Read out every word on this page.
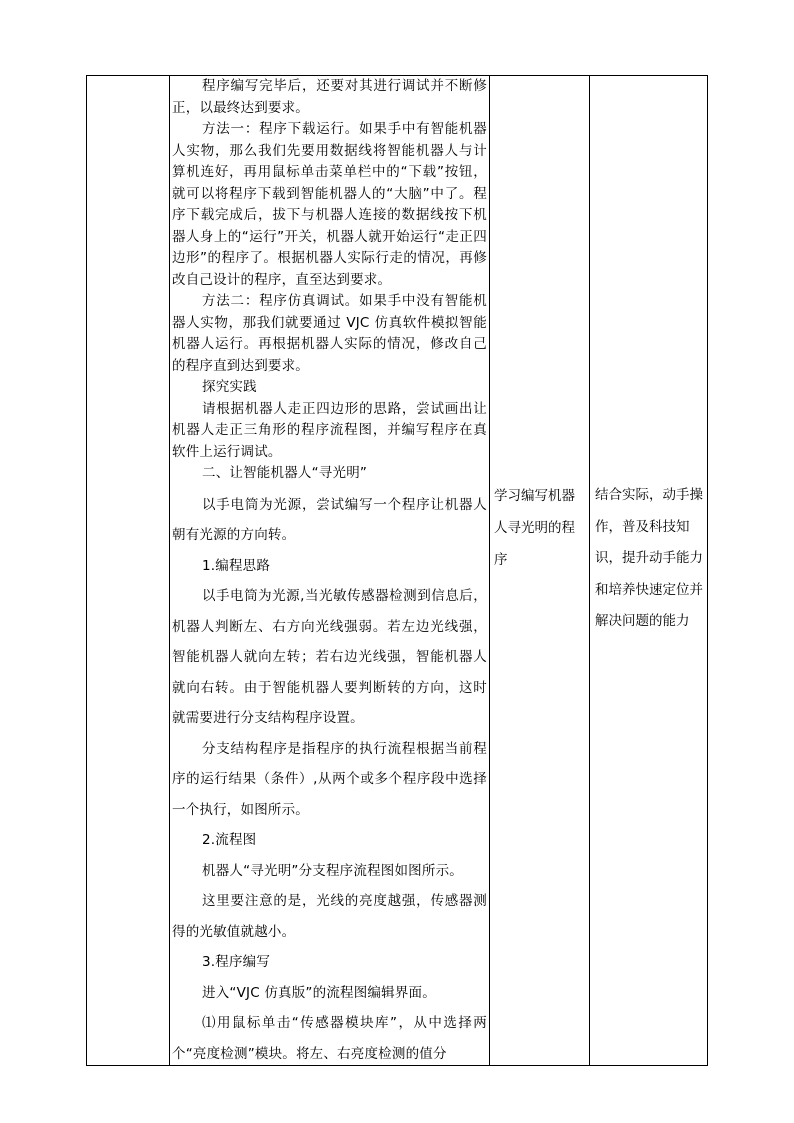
程序编写完毕后，还要对其进行调试并不断修正，以最终达到要求。

方法一：程序下载运行。如果手中有智能机器人实物，那么我们先要用数据线将智能机器人与计算机连好，再用鼠标单击菜单栏中的“下载”按钮，就可以将程序下载到智能机器人的“大脑”中了。程序下载完成后，拔下与机器人连接的数据线按下机器人身上的“运行”开关，机器人就开始运行“走正四边形”的程序了。根据机器人实际行走的情况，再修改自己设计的程序，直至达到要求。

方法二：程序仿真调试。如果手中没有智能机器人实物，那我们就要通过 VJC 仿真软件模拟智能机器人运行。再根据机器人实际的情况，修改自己的程序直到达到要求。

探究实践

请根据机器人走正四边形的思路，尝试画出让机器人走正三角形的程序流程图，并编写程序在真软件上运行调试。

二、让智能机器人“寻光明”

以手电筒为光源，尝试编写一个程序让机器人朝有光源的方向转。

1.编程思路

以手电筒为光源,当光敏传感器检测到信息后，机器人判断左、右方向光线强弱。若左边光线强，智能机器人就向左转；若右边光线强，智能机器人就向右转。由于智能机器人要判断转的方向，这时就需要进行分支结构程序设置。

分支结构程序是指程序的执行流程根据当前程序的运行结果（条件）,从两个或多个程序段中选择一个执行，如图所示。

2.流程图

机器人“寻光明”分支程序流程图如图所示。

这里要注意的是，光线的亮度越强，传感器测得的光敏值就越小。

3.程序编写

进入“VJC 仿真版”的流程图编辑界面。

⑴用鼠标单击“传感器模块库”，从中选择两个“亮度检测”模块。将左、右亮度检测的值分

学习编写机器人寻光明的程序
结合实际，动手操作，普及科技知识，提升动手能力和培养快速定位并解决问题的能力
